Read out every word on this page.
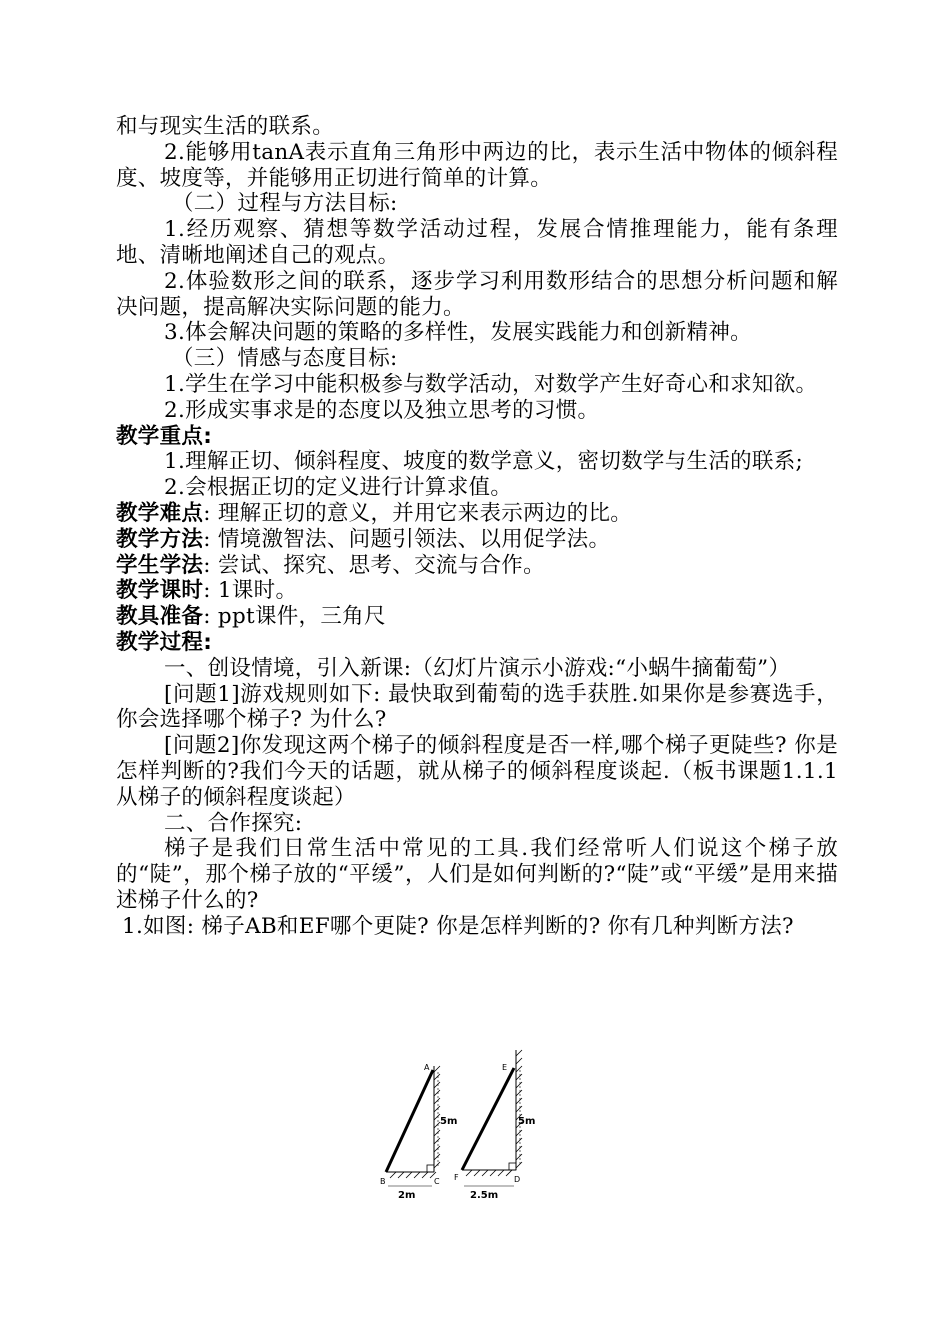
和与现实生活的联系。

2.能够用tanA表示直角三角形中两边的比，表示生活中物体的倾斜程度、坡度等，并能够用正切进行简单的计算。

（二）过程与方法目标:

1.经历观察、猜想等数学活动过程，发展合情推理能力，能有条理地、清晰地阐述自己的观点。

2.体验数形之间的联系，逐步学习利用数形结合的思想分析问题和解决问题，提高解决实际问题的能力。

3.体会解决问题的策略的多样性，发展实践能力和创新精神。

（三）情感与态度目标:

1.学生在学习中能积极参与数学活动，对数学产生好奇心和求知欲。

2.形成实事求是的态度以及独立思考的习惯。

教学重点:

1.理解正切、倾斜程度、坡度的数学意义，密切数学与生活的联系;

2.会根据正切的定义进行计算求值。

教学难点: 理解正切的意义，并用它来表示两边的比。

教学方法: 情境激智法、问题引领法、以用促学法。

学生学法: 尝试、探究、思考、交流与合作。

教学课时: 1课时。

教具准备: ppt课件，三角尺

教学过程:

一、创设情境，引入新课:（幻灯片演示小游戏:“小蜗牛摘葡萄”）

[问题1]游戏规则如下: 最快取到葡萄的选手获胜.如果你是参赛选手，你会选择哪个梯子? 为什么?

[问题2]你发现这两个梯子的倾斜程度是否一样,哪个梯子更陡些? 你是怎样判断的?我们今天的话题，就从梯子的倾斜程度谈起.（板书课题1.1.1 从梯子的倾斜程度谈起）

二、合作探究:

梯子是我们日常生活中常见的工具.我们经常听人们说这个梯子放的“陡”，那个梯子放的“平缓”，人们是如何判断的?“陡”或“平缓”是用来描述梯子什么的?

1.如图: 梯子AB和EF哪个更陡? 你是怎样判断的? 你有几种判断方法?

A
B	C
5m
2m
E
F	D
5m
2.5m
